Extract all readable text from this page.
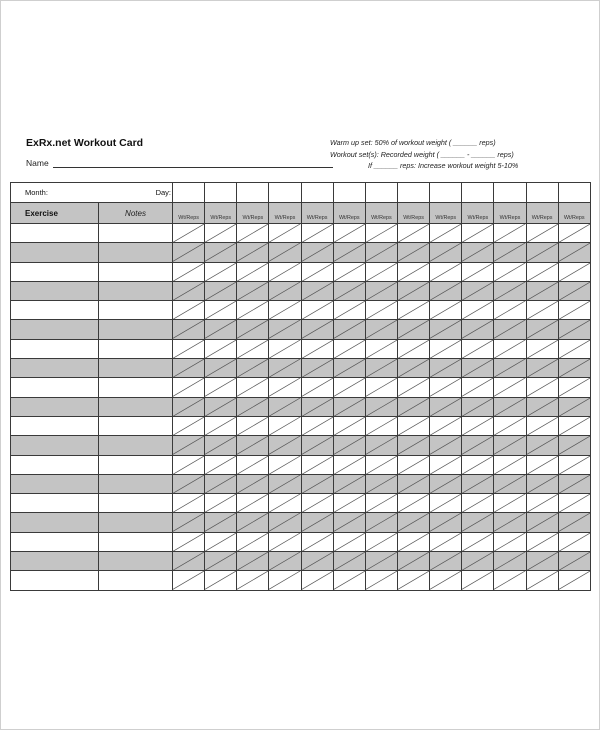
ExRx.net Workout Card
Name
Warm up set: 50% of workout weight ( ______ reps)
Workout set(s): Recorded weight ( ______ - ______ reps)
If ______ reps: Increase workout weight 5-10%
Month:	Day:													
Exercise	Notes	Wt/Reps	Wt/Reps	Wt/Reps	Wt/Reps	Wt/Reps	Wt/Reps	Wt/Reps	Wt/Reps	Wt/Reps	Wt/Reps	Wt/Reps	Wt/Reps	Wt/Reps
